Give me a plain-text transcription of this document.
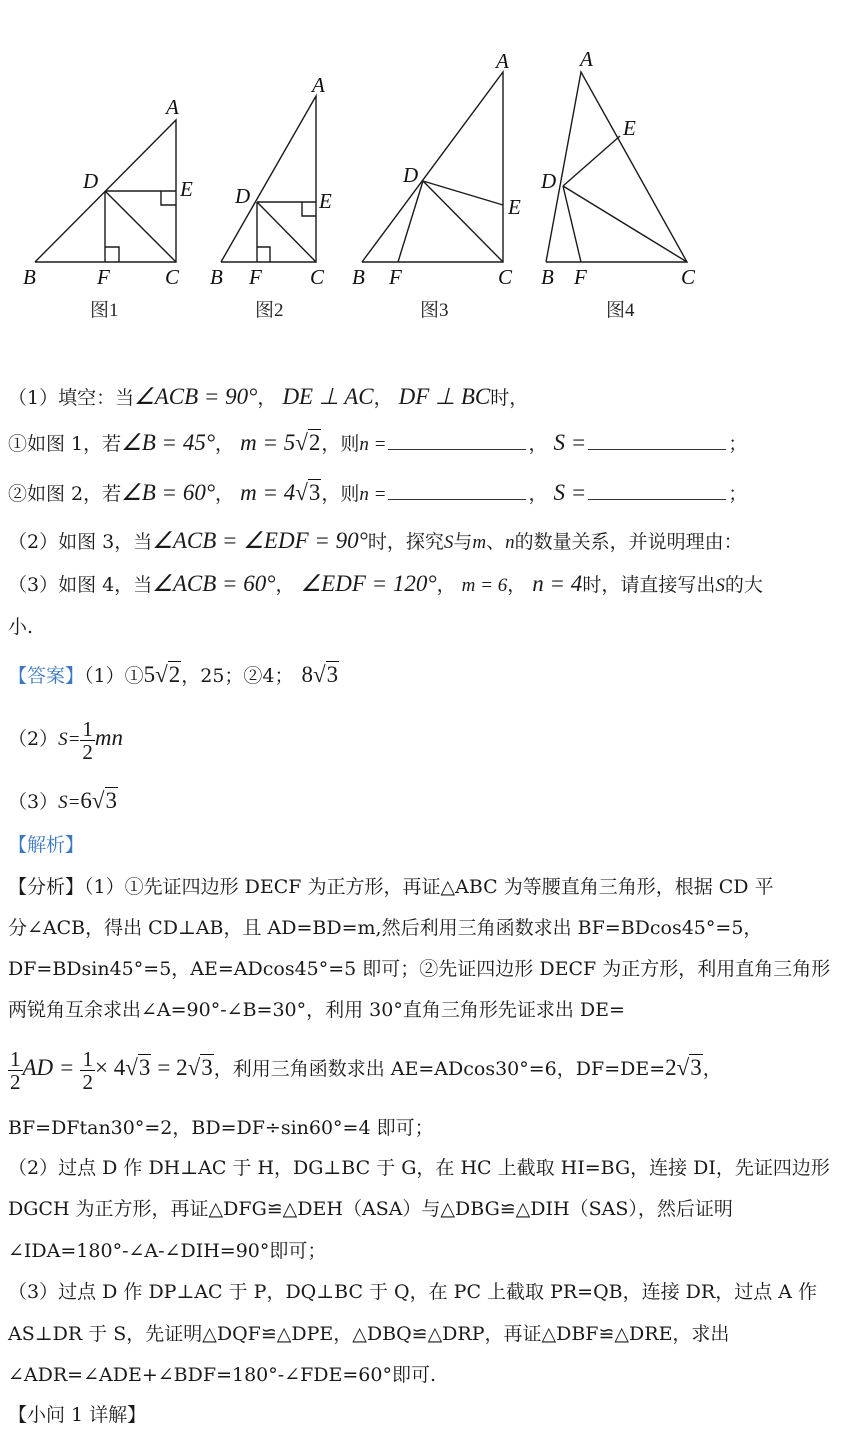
A
D	E
B	F	C
图1
A
D	E
B F C
图2
A
D
E
B F	C
图3
A
D
E
B F	C
图4
（1）填空：当∠ACB = 90°， DE ⊥ AC， DF ⊥ BC时，
①如图 1，若∠B = 45°， m = 5√2，则n =	， S =	；
②如图 2，若∠B = 60°， m = 4√3，则n =	， S =	；
（2）如图 3，当∠ACB = ∠EDF = 90°时，探究S与m、n的数量关系，并说明理由：
（3）如图 4，当∠ACB = 60°， ∠EDF = 120°， m = 6， n = 4时，请直接写出S的大
小.
【答案】（1）①5√2，25；②4； 8√3
$(2)S= \frac{1}{2}$ mn
（3）S=6√3
【解析】
【分析】（1）①先证四边形 DECF 为正方形，再证△ABC 为等腰直角三角形，根据 CD 平
分∠ACB，得出 CD⊥AB，且 AD=BD=m,然后利用三角函数求出 BF=BDcos45°=5，
DF=BDsin45°=5，AE=ADcos45°=5 即可；②先证四边形 DECF 为正方形，利用直角三角形
两锐角互余求出∠A=90°-∠B=30°，利用 30°直角三角形先证求出 DE=
$\frac{1}{2}$ AD = $\frac{1}{2} \times 4√3 = 2√3$，利用三角函数求出 AE=ADcos30°=6，DF=DE=2√3，
BF=DFtan30°=2，BD=DF÷sin60°=4 即可；
（2）过点 D 作 DH⊥AC 于 H，DG⊥BC 于 G，在 HC 上截取 HI=BG，连接 DI，先证四边形
DGCH 为正方形，再证△DFG≌△DEH（ASA）与△DBG≌△DIH（SAS），然后证明
∠IDA=180°-∠A-∠DIH=90°即可；
（3）过点 D 作 DP⊥AC 于 P，DQ⊥BC 于 Q，在 PC 上截取 PR=QB，连接 DR，过点 A 作
AS⊥DR 于 S，先证明△DQF≌△DPE，△DBQ≌△DRP，再证△DBF≌△DRE，求出
∠ADR=∠ADE+∠BDF=180°-∠FDE=60°即可.
【小问 1 详解】
